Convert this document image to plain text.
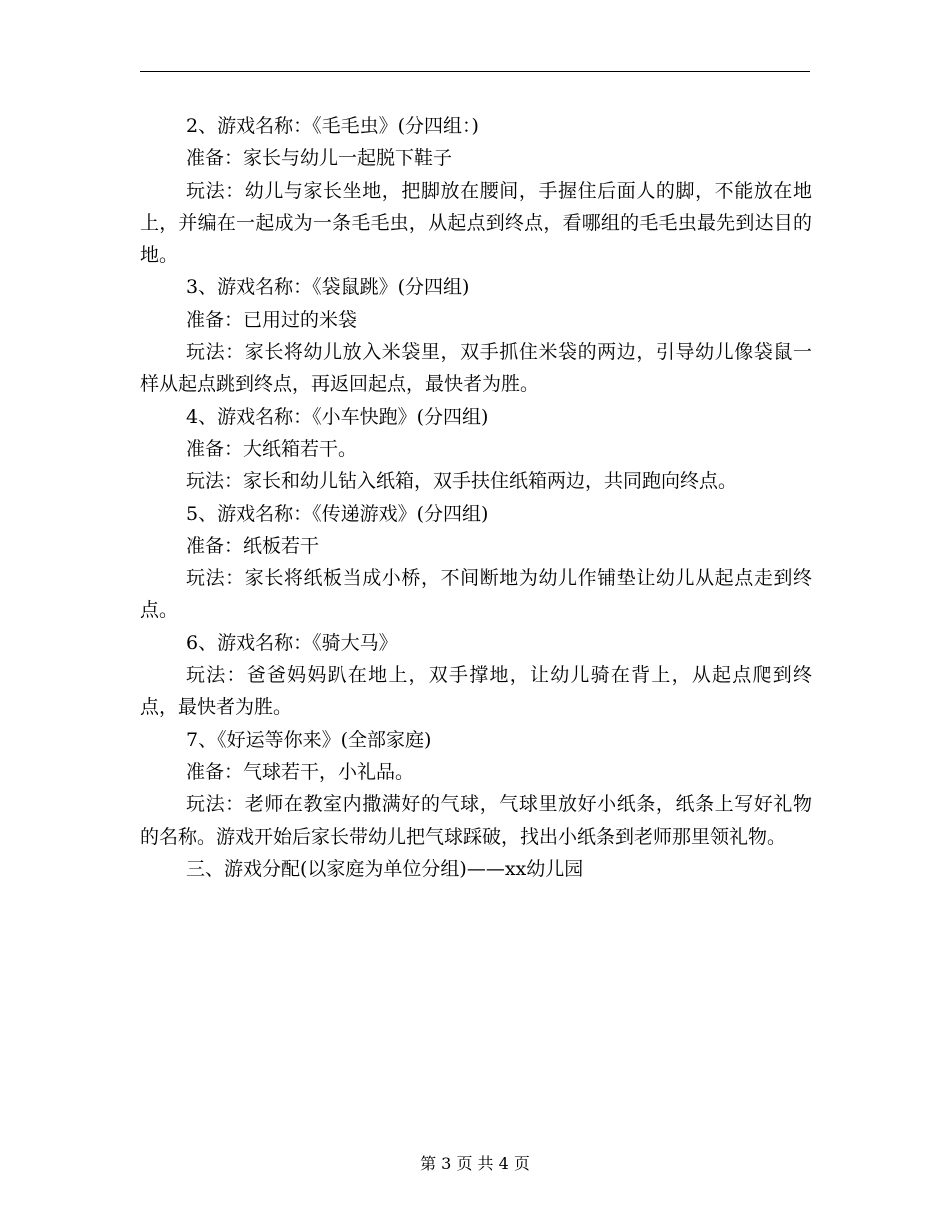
2、游戏名称：《毛毛虫》(分四组：)

准备：家长与幼儿一起脱下鞋子

玩法：幼儿与家长坐地，把脚放在腰间，手握住后面人的脚，不能放在地上，并编在一起成为一条毛毛虫，从起点到终点，看哪组的毛毛虫最先到达目的地。

3、游戏名称：《袋鼠跳》(分四组)

准备：已用过的米袋

玩法：家长将幼儿放入米袋里，双手抓住米袋的两边，引导幼儿像袋鼠一样从起点跳到终点，再返回起点，最快者为胜。

4、游戏名称：《小车快跑》(分四组)

准备：大纸箱若干。

玩法：家长和幼儿钻入纸箱，双手扶住纸箱两边，共同跑向终点。

5、游戏名称：《传递游戏》(分四组)

准备：纸板若干

玩法：家长将纸板当成小桥，不间断地为幼儿作铺垫让幼儿从起点走到终点。

6、游戏名称：《骑大马》

玩法：爸爸妈妈趴在地上，双手撑地，让幼儿骑在背上，从起点爬到终点，最快者为胜。

7、《好运等你来》(全部家庭)

准备：气球若干，小礼品。

玩法：老师在教室内撒满好的气球，气球里放好小纸条，纸条上写好礼物的名称。游戏开始后家长带幼儿把气球踩破，找出小纸条到老师那里领礼物。

三、游戏分配(以家庭为单位分组)——xx幼儿园

第 3 页 共 4 页
